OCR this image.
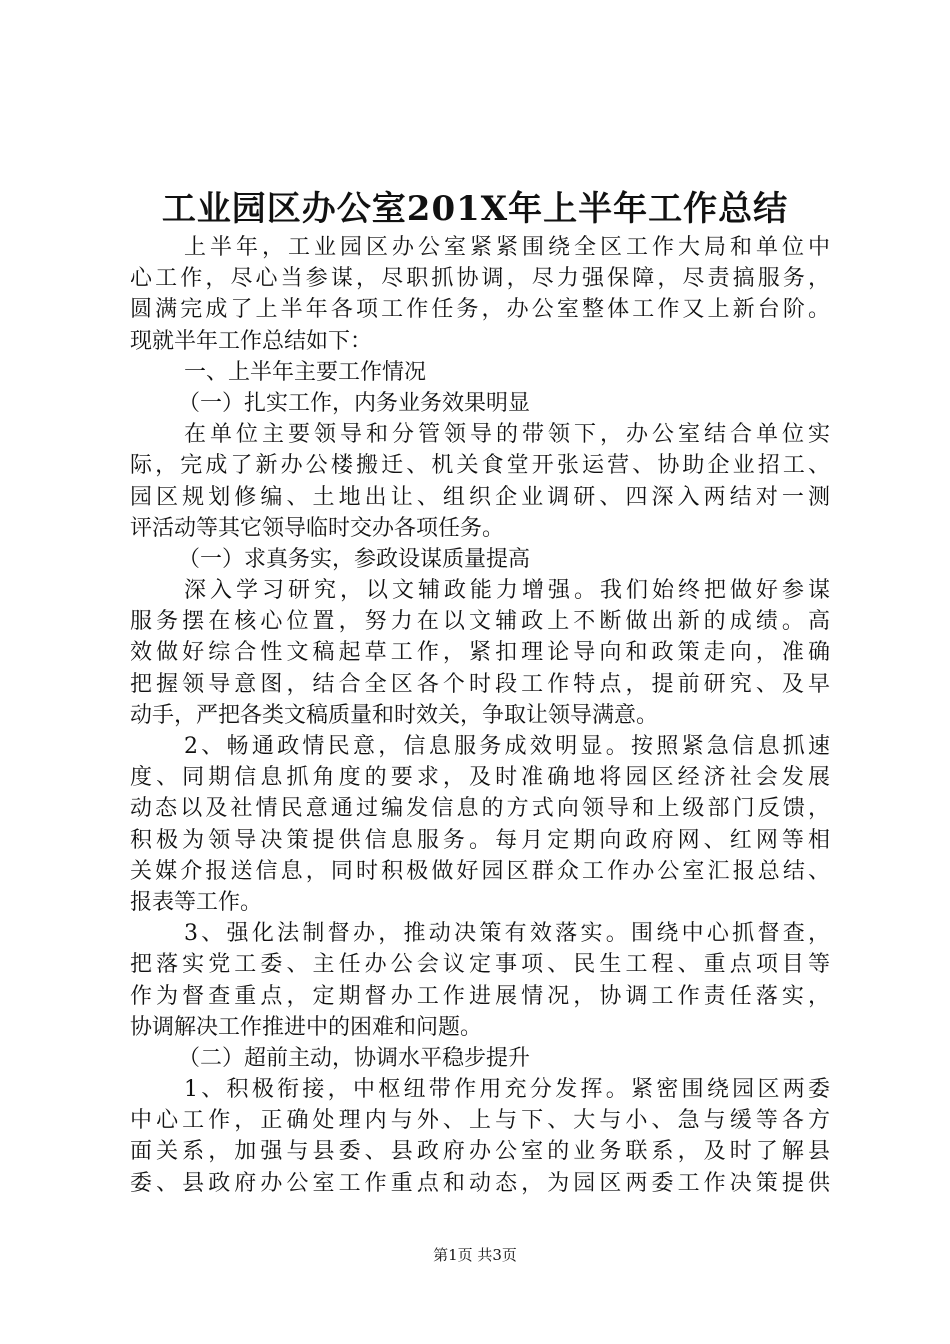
工业园区办公室201X年上半年工作总结
上半年，工业园区办公室紧紧围绕全区工作大局和单位中
心工作，尽心当参谋，尽职抓协调，尽力强保障，尽责搞服务，
圆满完成了上半年各项工作任务，办公室整体工作又上新台阶。
现就半年工作总结如下：
一、上半年主要工作情况
（一）扎实工作，内务业务效果明显
在单位主要领导和分管领导的带领下，办公室结合单位实
际，完成了新办公楼搬迁、机关食堂开张运营、协助企业招工、
园区规划修编、土地出让、组织企业调研、四深入两结对一测
评活动等其它领导临时交办各项任务。
（一）求真务实，参政设谋质量提高
深入学习研究，以文辅政能力增强。我们始终把做好参谋
服务摆在核心位置，努力在以文辅政上不断做出新的成绩。高
效做好综合性文稿起草工作，紧扣理论导向和政策走向，准确
把握领导意图，结合全区各个时段工作特点，提前研究、及早
动手，严把各类文稿质量和时效关，争取让领导满意。
2、畅通政情民意，信息服务成效明显。按照紧急信息抓速
度、同期信息抓角度的要求，及时准确地将园区经济社会发展
动态以及社情民意通过编发信息的方式向领导和上级部门反馈，
积极为领导决策提供信息服务。每月定期向政府网、红网等相
关媒介报送信息，同时积极做好园区群众工作办公室汇报总结、
报表等工作。
3、强化法制督办，推动决策有效落实。围绕中心抓督查，
把落实党工委、主任办公会议定事项、民生工程、重点项目等
作为督查重点，定期督办工作进展情况，协调工作责任落实，
协调解决工作推进中的困难和问题。
（二）超前主动，协调水平稳步提升
1、积极衔接，中枢纽带作用充分发挥。紧密围绕园区两委
中心工作，正确处理内与外、上与下、大与小、急与缓等各方
面关系，加强与县委、县政府办公室的业务联系，及时了解县
委、县政府办公室工作重点和动态，为园区两委工作决策提供
第1页 共3页
